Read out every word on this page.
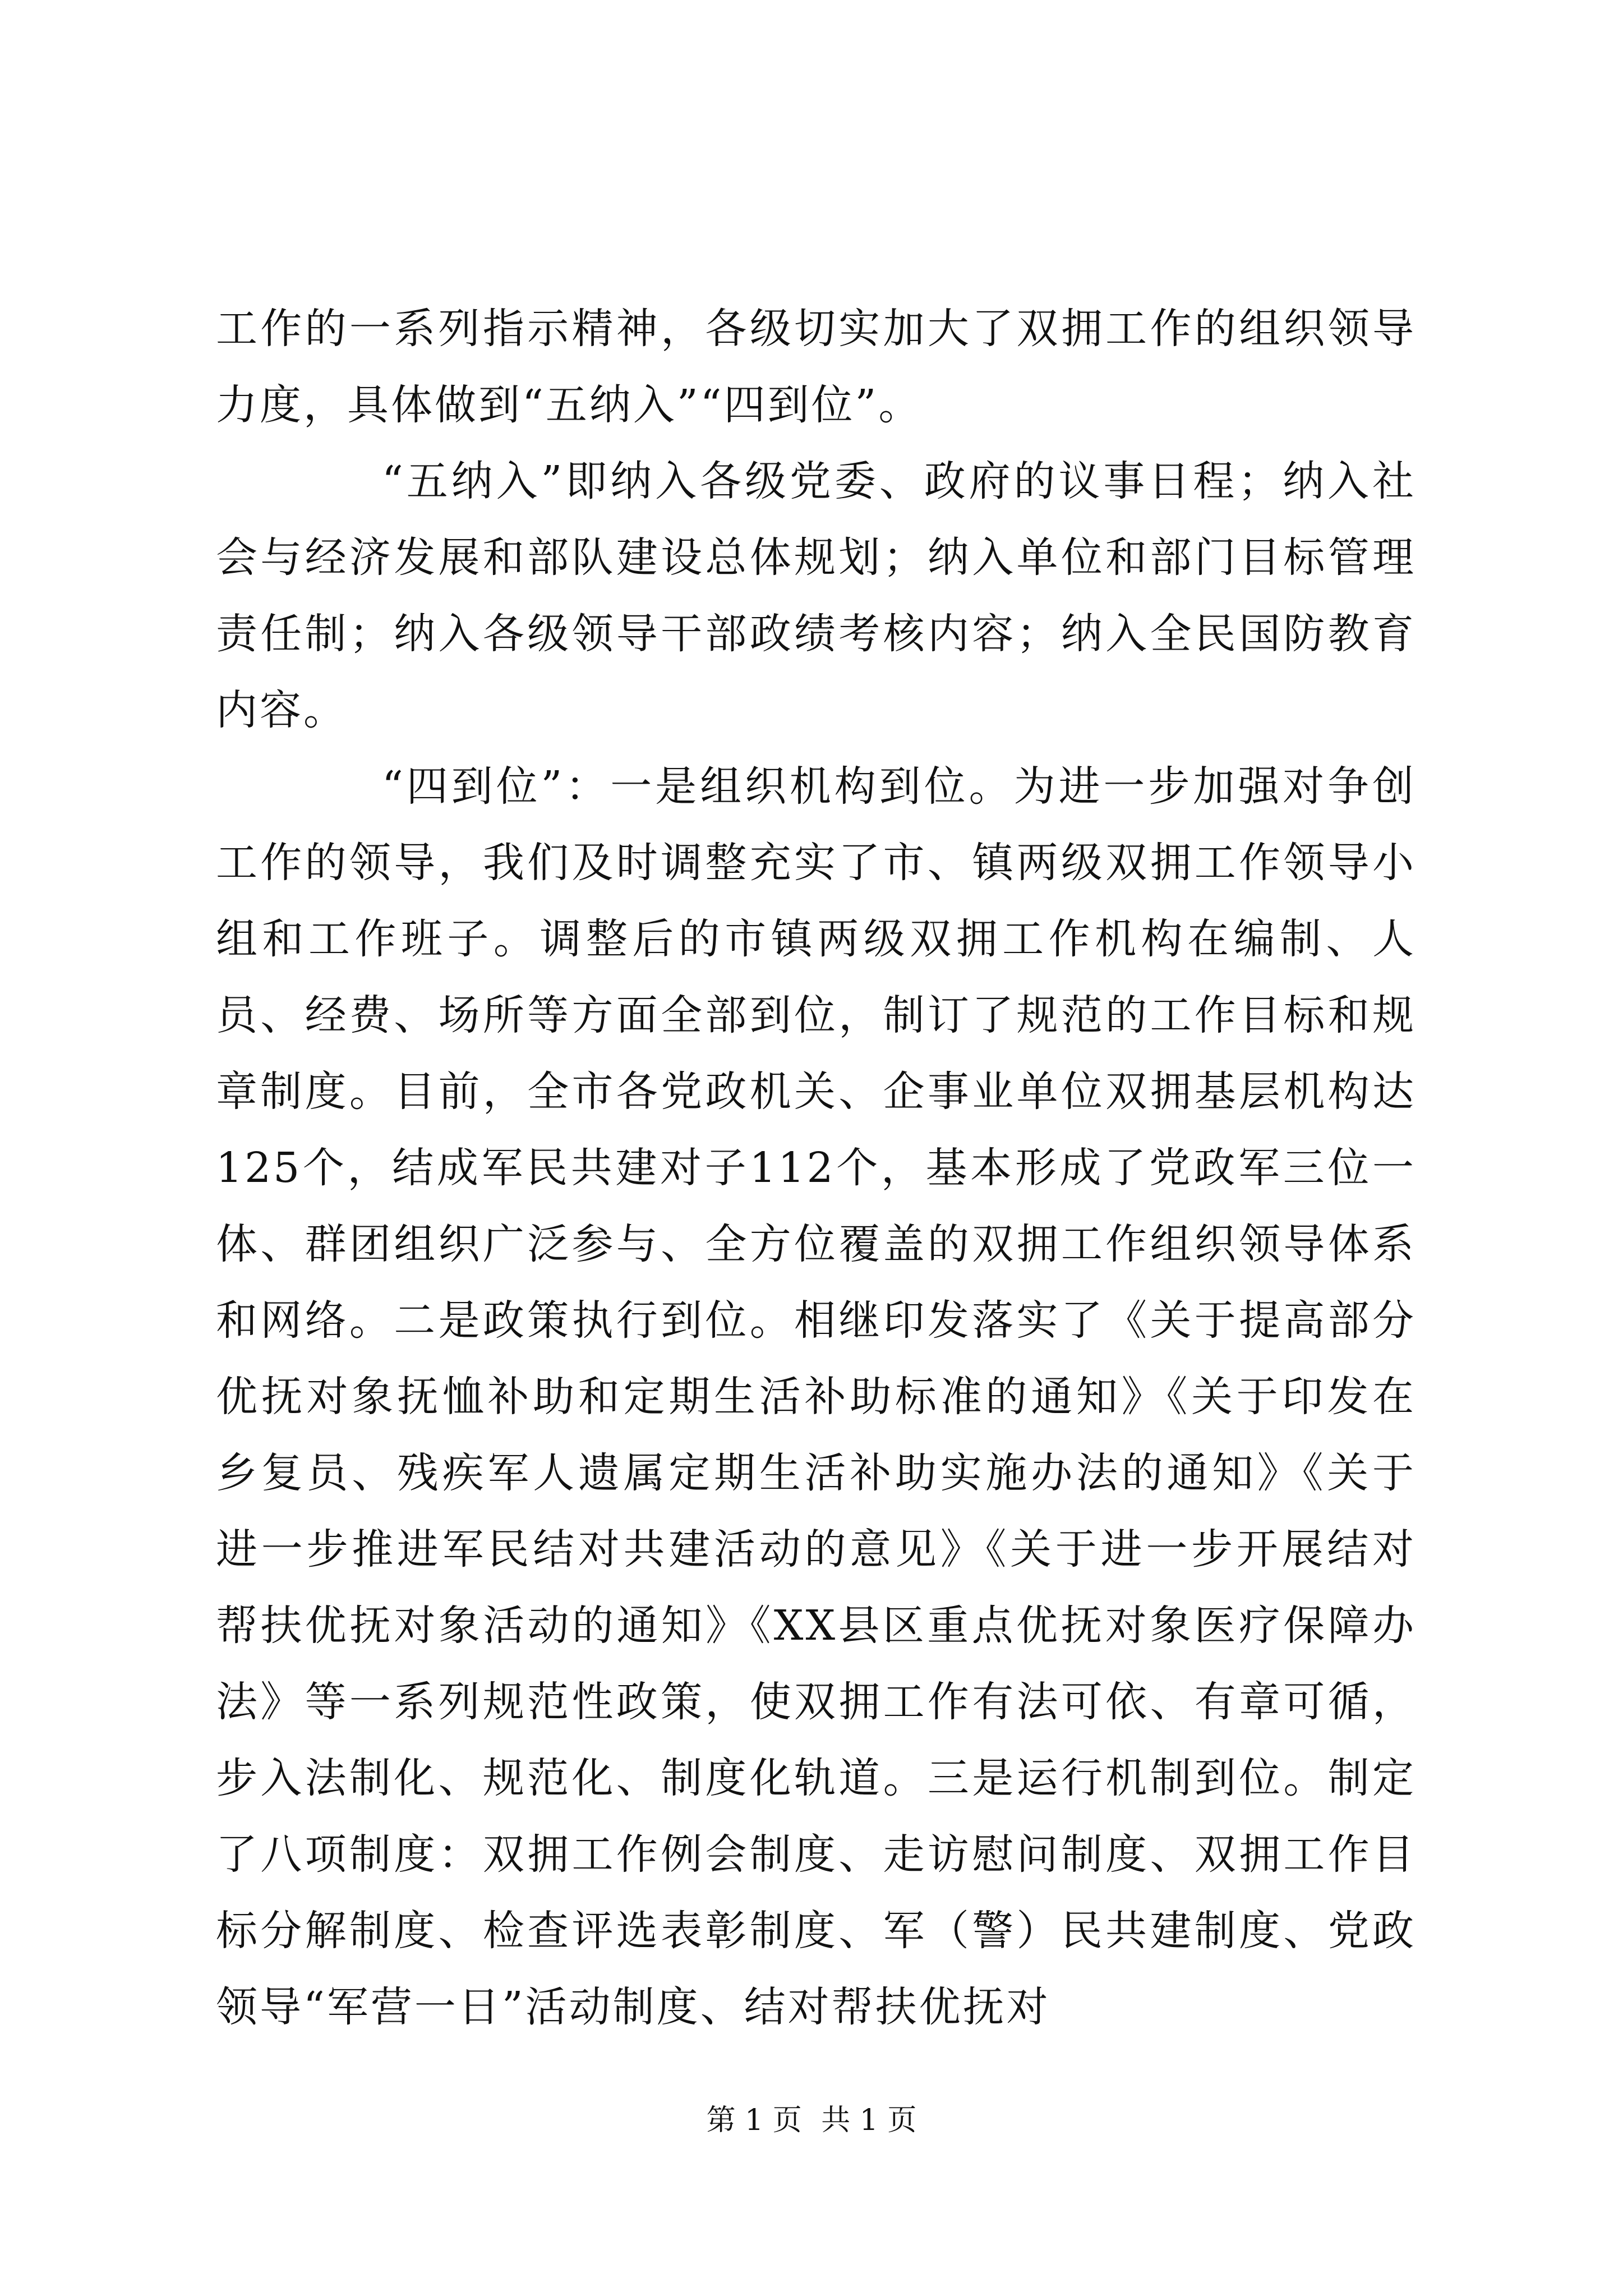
工作的一系列指示精神，各级切实加大了双拥工作的组织领导力度，具体做到“五纳入”“四到位”。

“五纳入”即纳入各级党委、政府的议事日程；纳入社会与经济发展和部队建设总体规划；纳入单位和部门目标管理责任制；纳入各级领导干部政绩考核内容；纳入全民国防教育内容。

“四到位”：一是组织机构到位。为进一步加强对争创工作的领导，我们及时调整充实了市、镇两级双拥工作领导小组和工作班子。调整后的市镇两级双拥工作机构在编制、人员、经费、场所等方面全部到位，制订了规范的工作目标和规章制度。目前，全市各党政机关、企事业单位双拥基层机构达125个，结成军民共建对子112个，基本形成了党政军三位一体、群团组织广泛参与、全方位覆盖的双拥工作组织领导体系和网络。二是政策执行到位。相继印发落实了《关于提高部分优抚对象抚恤补助和定期生活补助标准的通知》《关于印发在乡复员、残疾军人遗属定期生活补助实施办法的通知》《关于进一步推进军民结对共建活动的意见》《关于进一步开展结对帮扶优抚对象活动的通知》《XX县区重点优抚对象医疗保障办法》等一系列规范性政策，使双拥工作有法可依、有章可循，步入法制化、规范化、制度化轨道。三是运行机制到位。制定了八项制度：双拥工作例会制度、走访慰问制度、双拥工作目标分解制度、检查评选表彰制度、军（警）民共建制度、党政领导“军营一日”活动制度、结对帮扶优抚对

第 1 页 共 1 页
